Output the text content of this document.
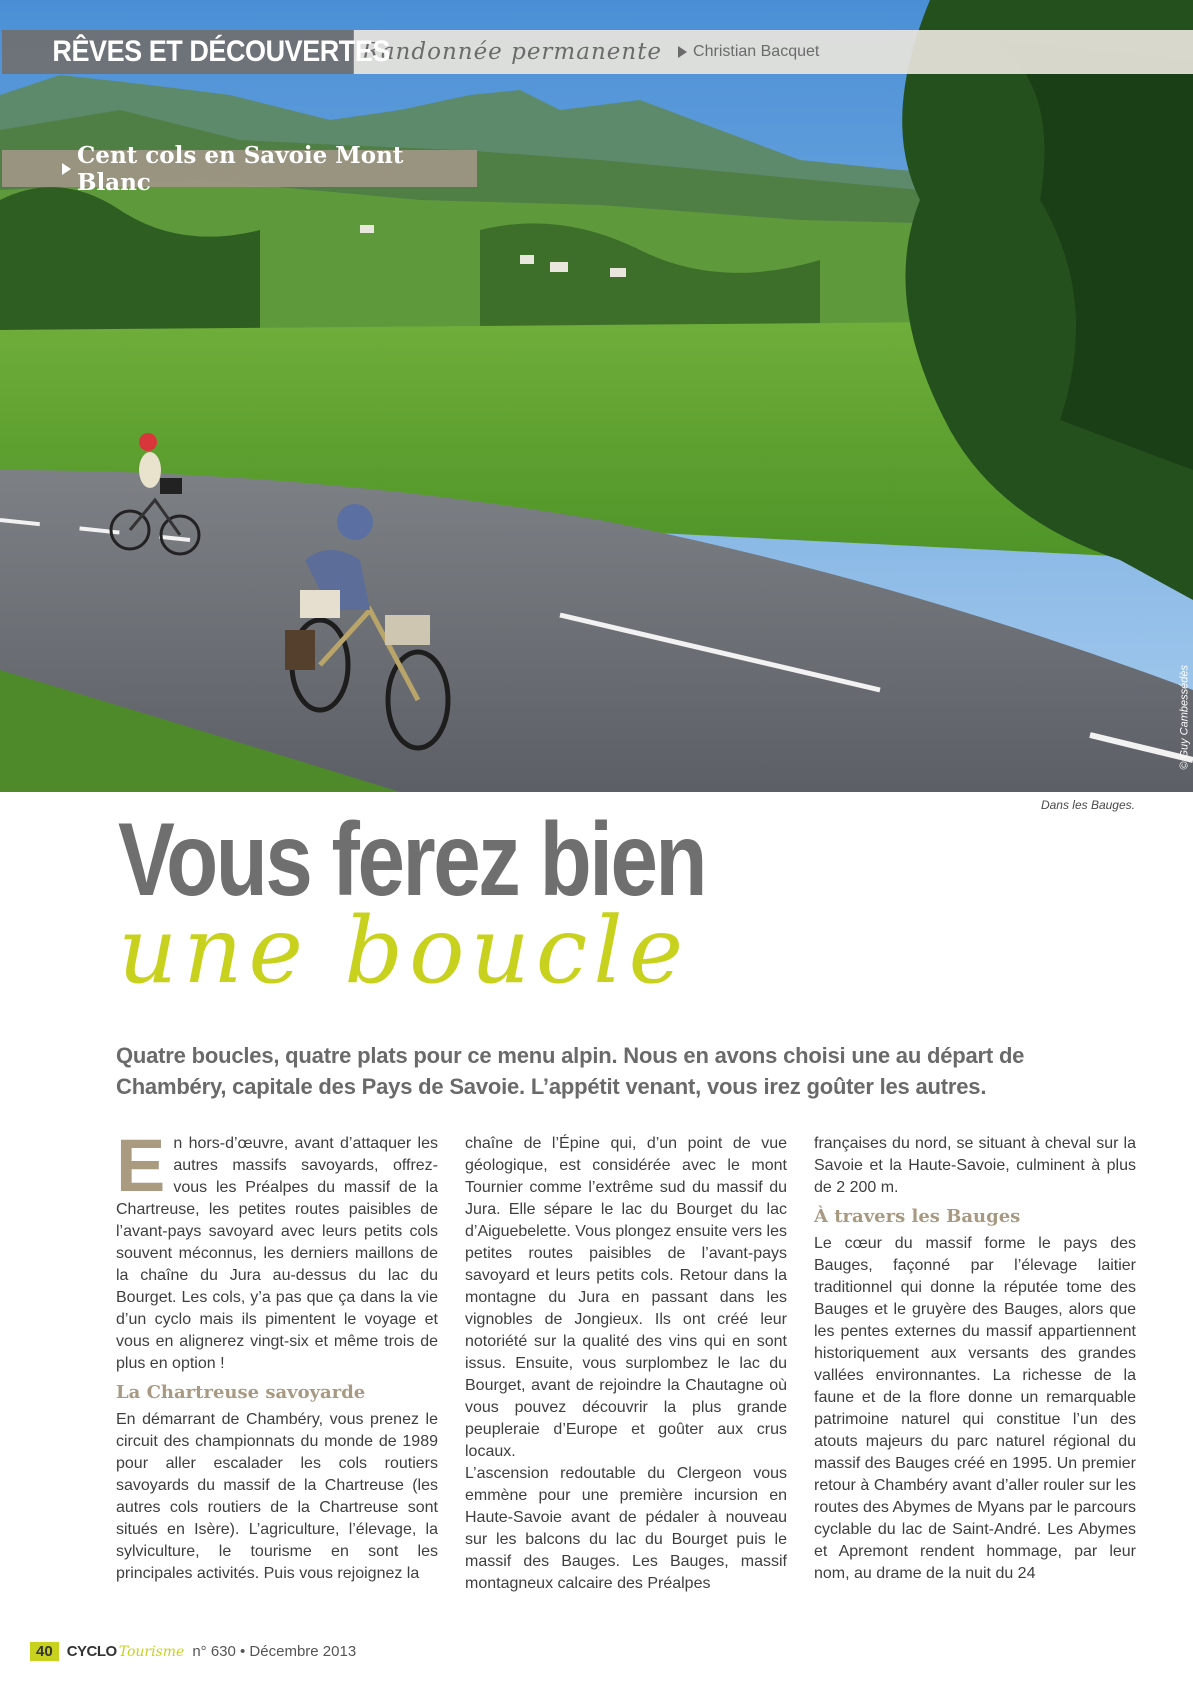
RÊVES ET DÉCOUVERTES
Randonnée permanente Christian Bacquet
Cent cols en Savoie Mont Blanc
© Guy Cambessédès
Dans les Bauges.
Vous ferez bien
une boucle
Quatre boucles, quatre plats pour ce menu alpin. Nous en avons choisi une au départ de Chambéry, capitale des Pays de Savoie. L’appétit venant, vous irez goûter les autres.

En hors-d’œuvre, avant d’attaquer les autres massifs savoyards, offrez-vous les Préalpes du massif de la Chartreuse, les petites routes paisibles de l’avant-pays savoyard avec leurs petits cols souvent méconnus, les derniers maillons de la chaîne du Jura au-dessus du lac du Bourget. Les cols, y’a pas que ça dans la vie d’un cyclo mais ils pimentent le voyage et vous en alignerez vingt-six et même trois de plus en option !

La Chartreuse savoyarde

En démarrant de Chambéry, vous prenez le circuit des championnats du monde de 1989 pour aller escalader les cols routiers savoyards du massif de la Chartreuse (les autres cols routiers de la Chartreuse sont situés en Isère). L’agriculture, l’élevage, la sylviculture, le tourisme en sont les principales activités. Puis vous rejoignez la

chaîne de l’Épine qui, d’un point de vue géologique, est considérée avec le mont Tournier comme l’extrême sud du massif du Jura. Elle sépare le lac du Bourget du lac d’Aiguebelette. Vous plongez ensuite vers les petites routes paisibles de l’avant-pays savoyard et leurs petits cols. Retour dans la montagne du Jura en passant dans les vignobles de Jongieux. Ils ont créé leur notoriété sur la qualité des vins qui en sont issus. Ensuite, vous surplombez le lac du Bourget, avant de rejoindre la Chautagne où vous pouvez découvrir la plus grande peupleraie d’Europe et goûter aux crus locaux.

L’ascension redoutable du Clergeon vous emmène pour une première incursion en Haute-Savoie avant de pédaler à nouveau sur les balcons du lac du Bourget puis le massif des Bauges. Les Bauges, massif montagneux calcaire des Préalpes

françaises du nord, se situant à cheval sur la Savoie et la Haute-Savoie, culminent à plus de 2 200 m.

À travers les Bauges

Le cœur du massif forme le pays des Bauges, façonné par l’élevage laitier traditionnel qui donne la réputée tome des Bauges et le gruyère des Bauges, alors que les pentes externes du massif appartiennent historiquement aux versants des grandes vallées environnantes. La richesse de la faune et de la flore donne un remarquable patrimoine naturel qui constitue l’un des atouts majeurs du parc naturel régional du massif des Bauges créé en 1995. Un premier retour à Chambéry avant d’aller rouler sur les routes des Abymes de Myans par le parcours cyclable du lac de Saint-André. Les Abymes et Apremont rendent hommage, par leur nom, au drame de la nuit du 24

40 CYCLO Tourisme n° 630 • Décembre 2013
